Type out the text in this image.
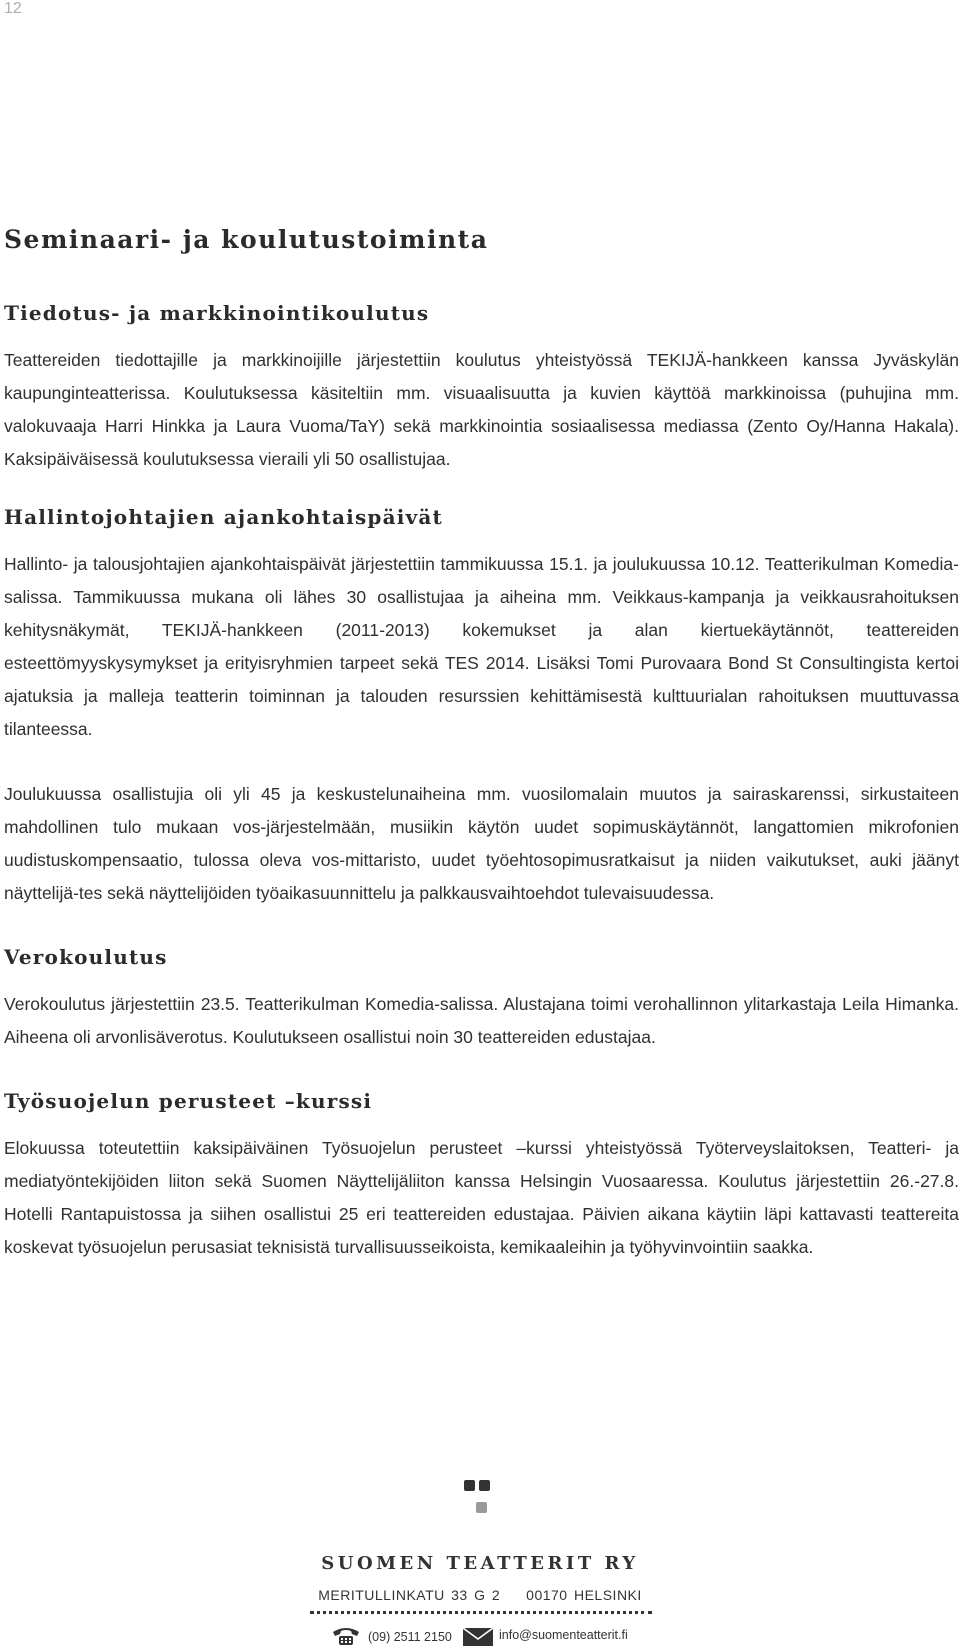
12
Seminaari- ja koulutustoiminta
Tiedotus- ja markkinointikoulutus

Teattereiden tiedottajille ja markkinoijille järjestettiin koulutus yhteistyössä TEKIJÄ-hankkeen kanssa Jyväskylän kaupunginteatterissa. Koulutuksessa käsiteltiin mm. visuaalisuutta ja kuvien käyttöä markkinoissa (puhujina mm. valokuvaaja Harri Hinkka ja Laura Vuoma/TaY) sekä markkinointia sosiaalisessa mediassa (Zento Oy/Hanna Hakala). Kaksipäiväisessä koulutuksessa vieraili yli 50 osallistujaa.

Hallintojohtajien ajankohtaispäivät

Hallinto- ja talousjohtajien ajankohtaispäivät järjestettiin tammikuussa 15.1. ja joulukuussa 10.12. Teatterikulman Komedia-salissa. Tammikuussa mukana oli lähes 30 osallistujaa ja aiheina mm. Veikkaus-kampanja ja veikkausrahoituksen kehitysnäkymät, TEKIJÄ-hankkeen (2011-2013) kokemukset ja alan kiertuekäytännöt, teattereiden esteettömyyskysymykset ja erityisryhmien tarpeet sekä TES 2014. Lisäksi Tomi Purovaara Bond St Consultingista kertoi ajatuksia ja malleja teatterin toiminnan ja talouden resurssien kehittämisestä kulttuurialan rahoituksen muuttuvassa tilanteessa.

Joulukuussa osallistujia oli yli 45 ja keskustelunaiheina mm. vuosilomalain muutos ja sairaskarenssi, sirkustaiteen mahdollinen tulo mukaan vos-järjestelmään, musiikin käytön uudet sopimuskäytännöt, langattomien mikrofonien uudistuskompensaatio, tulossa oleva vos-mittaristo, uudet työehtosopimusratkaisut ja niiden vaikutukset, auki jäänyt näyttelijä-tes sekä näyttelijöiden työaikasuunnittelu ja palkkausvaihtoehdot tulevaisuudessa.

Verokoulutus

Verokoulutus järjestettiin 23.5. Teatterikulman Komedia-salissa. Alustajana toimi verohallinnon ylitarkastaja Leila Himanka. Aiheena oli arvonlisäverotus. Koulutukseen osallistui noin 30 teattereiden edustajaa.

Työsuojelun perusteet –kurssi

Elokuussa toteutettiin kaksipäiväinen Työsuojelun perusteet –kurssi yhteistyössä Työterveyslaitoksen, Teatteri- ja mediatyöntekijöiden liiton sekä Suomen Näyttelijäliiton kanssa Helsingin Vuosaaressa. Koulutus järjestettiin 26.-27.8. Hotelli Rantapuistossa ja siihen osallistui 25 eri teattereiden edustajaa. Päivien aikana käytiin läpi kattavasti teattereita koskevat työsuojelun perusasiat teknisistä turvallisuusseikoista, kemikaaleihin ja työhyvinvointiin saakka.

SUOMEN TEATTERIT RY
MERITULLINKATU 33 G 2 00170 HELSINKI
(09) 2511 2150	info@suomenteatterit.fi
